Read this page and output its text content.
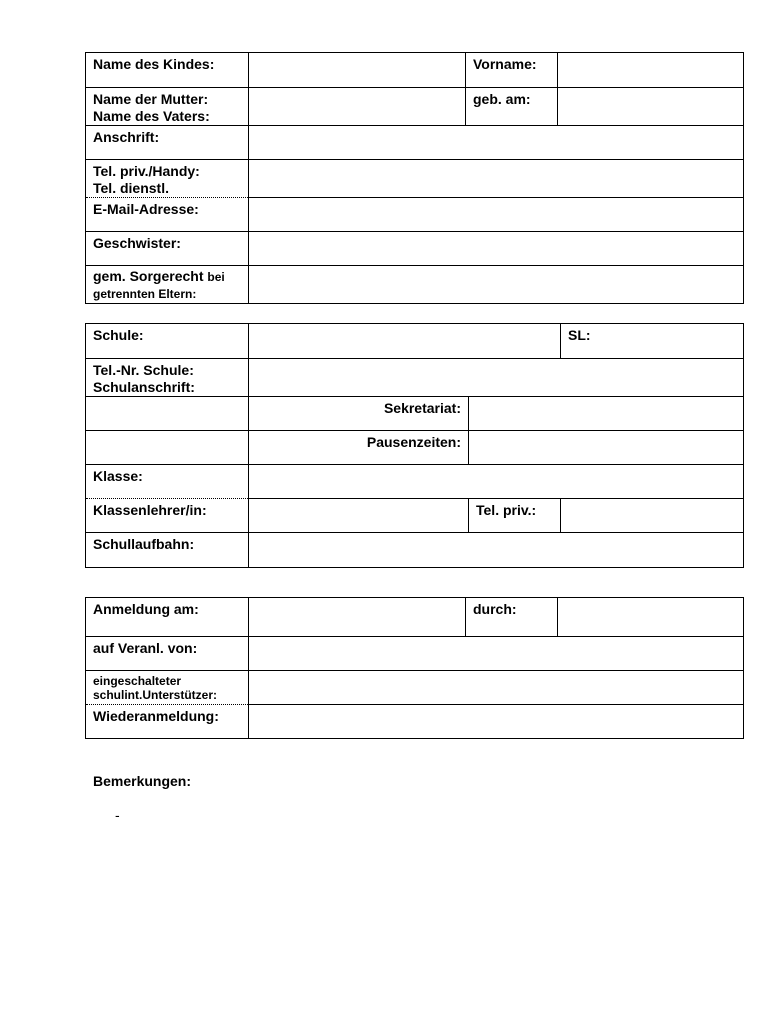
Name des Kindes:		Vorname:	

Name der Mutter:
Name des Vaters:		geb. am:	
Anschrift:			

Tel. priv./Handy:
Tel. dienstl.			

E-Mail-Adresse:			
Geschwister:			

gem. Sorgerecht bei
getrennten Eltern:			

Schule:			SL:

Tel.-Nr. Schule:
Schulanschrift:			

	Sekretariat:		
	Pausenzeiten:		
Klasse:			
Klassenlehrer/in:		Tel. priv.:	
Schullaufbahn:			
Anmeldung am:		durch:	
auf Veranl. von:			

eingeschalteter
schulint.Unterstützer:			

Wiederanmeldung:			
Bemerkungen:
-
